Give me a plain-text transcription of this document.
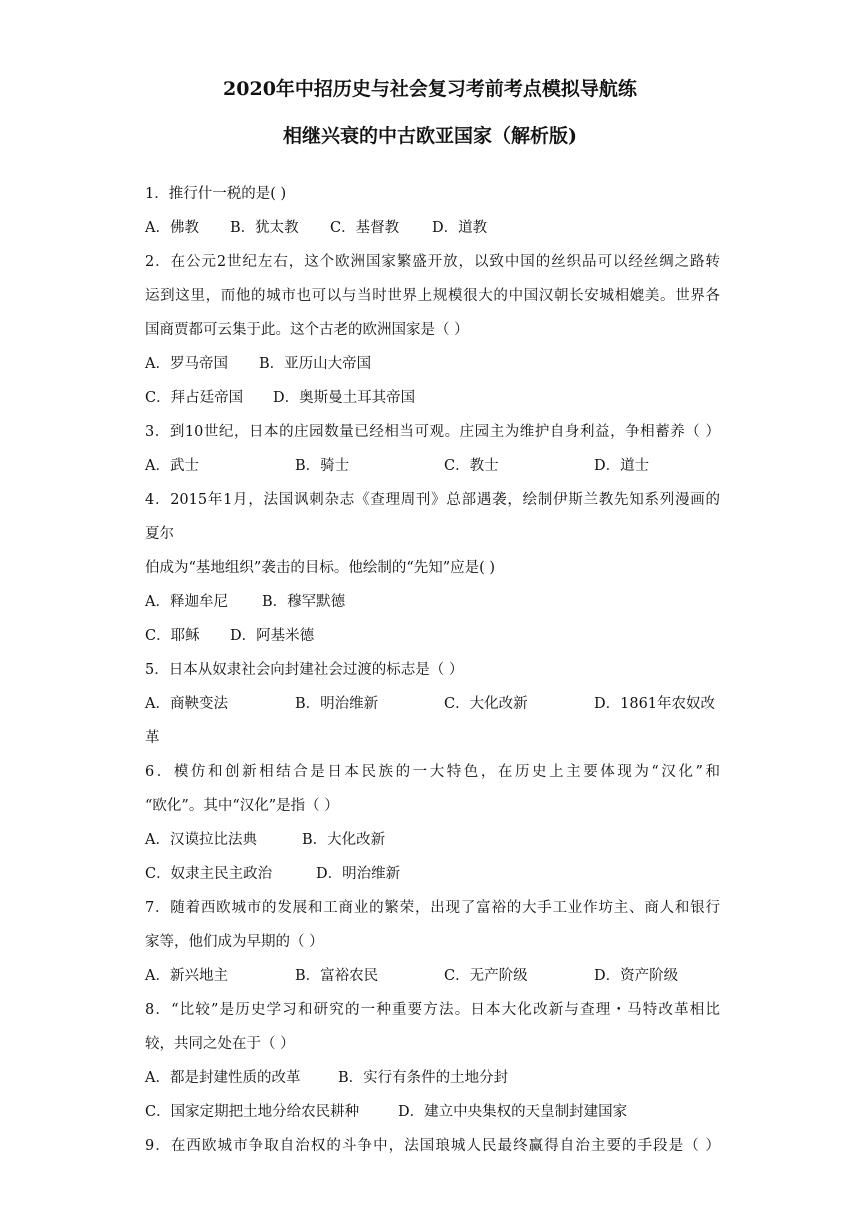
2020年中招历史与社会复习考前考点模拟导航练
相继兴衰的中古欧亚国家（解析版)
1．推行什一税的是( )
A．佛教 B．犹太教 C．基督教 D．道教
2．在公元2世纪左右，这个欧洲国家繁盛开放，以致中国的丝织品可以经丝绸之路转
运到这里，而他的城市也可以与当时世界上规模很大的中国汉朝长安城相媲美。世界各
国商贾都可云集于此。这个古老的欧洲国家是（ ）
A．罗马帝国 B．亚历山大帝国
C．拜占廷帝国 D．奥斯曼土耳其帝国
3．到10世纪，日本的庄园数量已经相当可观。庄园主为维护自身利益，争相蓄养（ ）
A．武士	B．骑士	C．教士	D．道士
4．2015年1月，法国讽刺杂志《查理周刊》总部遇袭，绘制伊斯兰教先知系列漫画的
夏尔
伯成为“基地组织”袭击的目标。他绘制的“先知”应是( )
A．释迦牟尼 B．穆罕默德
C．耶稣 D．阿基米德
5．日本从奴隶社会向封建社会过渡的标志是（ ）
A．商鞅变法	B．明治维新	C．大化改新	D．1861年农奴改
革
6．模仿和创新相结合是日本民族的一大特色，在历史上主要体现为“汉化”和
“欧化”。其中“汉化”是指（ ）
A．汉谟拉比法典	B．大化改新
C．奴隶主民主政治	D．明治维新
7．随着西欧城市的发展和工商业的繁荣，出现了富裕的大手工业作坊主、商人和银行
家等，他们成为早期的（ ）
A．新兴地主	B．富裕农民	C．无产阶级	D．资产阶级
8．“比较”是历史学习和研究的一种重要方法。日本大化改新与查理・马特改革相比
较，共同之处在于（ ）
A．都是封建性质的改革	B．实行有条件的土地分封
C．国家定期把土地分给农民耕种	D．建立中央集权的天皇制封建国家
9．在西欧城市争取自治权的斗争中，法国琅城人民最终赢得自治主要的手段是（ ）
